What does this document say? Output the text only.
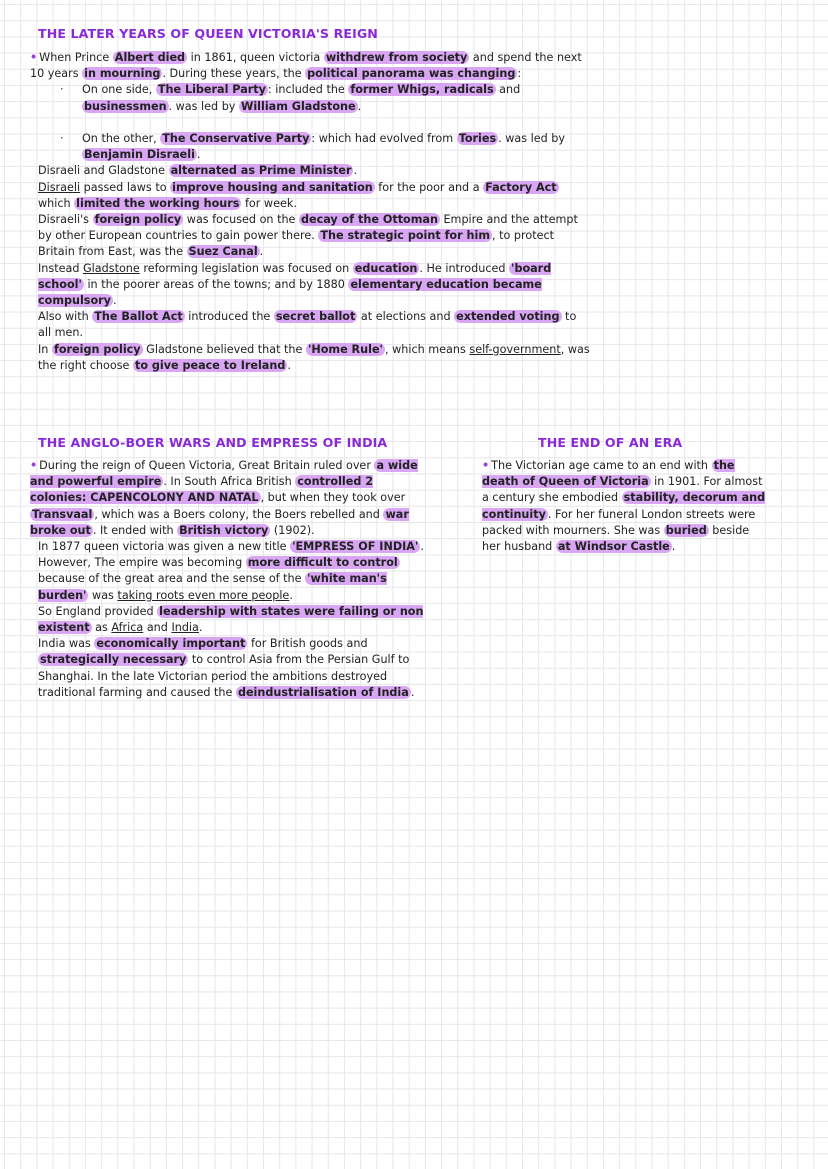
THE LATER YEARS OF QUEEN VICTORIA'S REIGN

• When Prince Albert died in 1861, queen victoria withdrew from society and spend the next 10 years in mourning . During these years, the political panorama was changing :

· On one side, The Liberal Party : included the former Whigs, radicals and businessmen . was led by William Gladstone .

· On the other, The Conservative Party : which had evolved from Tories . was led by Benjamin Disraeli .

Disraeli and Gladstone alternated as Prime Minister .

Disraeli passed laws to improve housing and sanitation for the poor and a Factory Act which limited the working hours for week.

Disraeli's foreign policy was focused on the decay of the Ottoman Empire and the attempt by other European countries to gain power there. The strategic point for him , to protect Britain from East, was the Suez Canal .

Instead Gladstone reforming legislation was focused on education . He introduced 'board school' in the poorer areas of the towns; and by 1880 elementary education became compulsory .

Also with The Ballot Act introduced the secret ballot at elections and extended voting to all men.

In foreign policy Gladstone believed that the 'Home Rule' , which means self-government, was the right choose to give peace to Ireland .

THE ANGLO-BOER WARS AND EMPRESS OF INDIA

• During the reign of Queen Victoria, Great Britain ruled over a wide and powerful empire . In South Africa British controlled 2 colonies: CAPENCOLONY AND NATAL , but when they took over Transvaal , which was a Boers colony, the Boers rebelled and war broke out . It ended with British victory (1902).

In 1877 queen victoria was given a new title 'EMPRESS OF INDIA' . However, The empire was becoming more difficult to control because of the great area and the sense of the 'white man's burden' was taking roots even more people.

So England provided leadership with states were failing or non existent as Africa and India.

India was economically important for British goods and strategically necessary to control Asia from the Persian Gulf to Shanghai. In the late Victorian period the ambitions destroyed traditional farming and caused the deindustrialisation of India .

THE END OF AN ERA

• The Victorian age came to an end with the death of Queen of Victoria in 1901. For almost a century she embodied stability, decorum and continuity . For her funeral London streets were packed with mourners. She was buried beside her husband at Windsor Castle .
